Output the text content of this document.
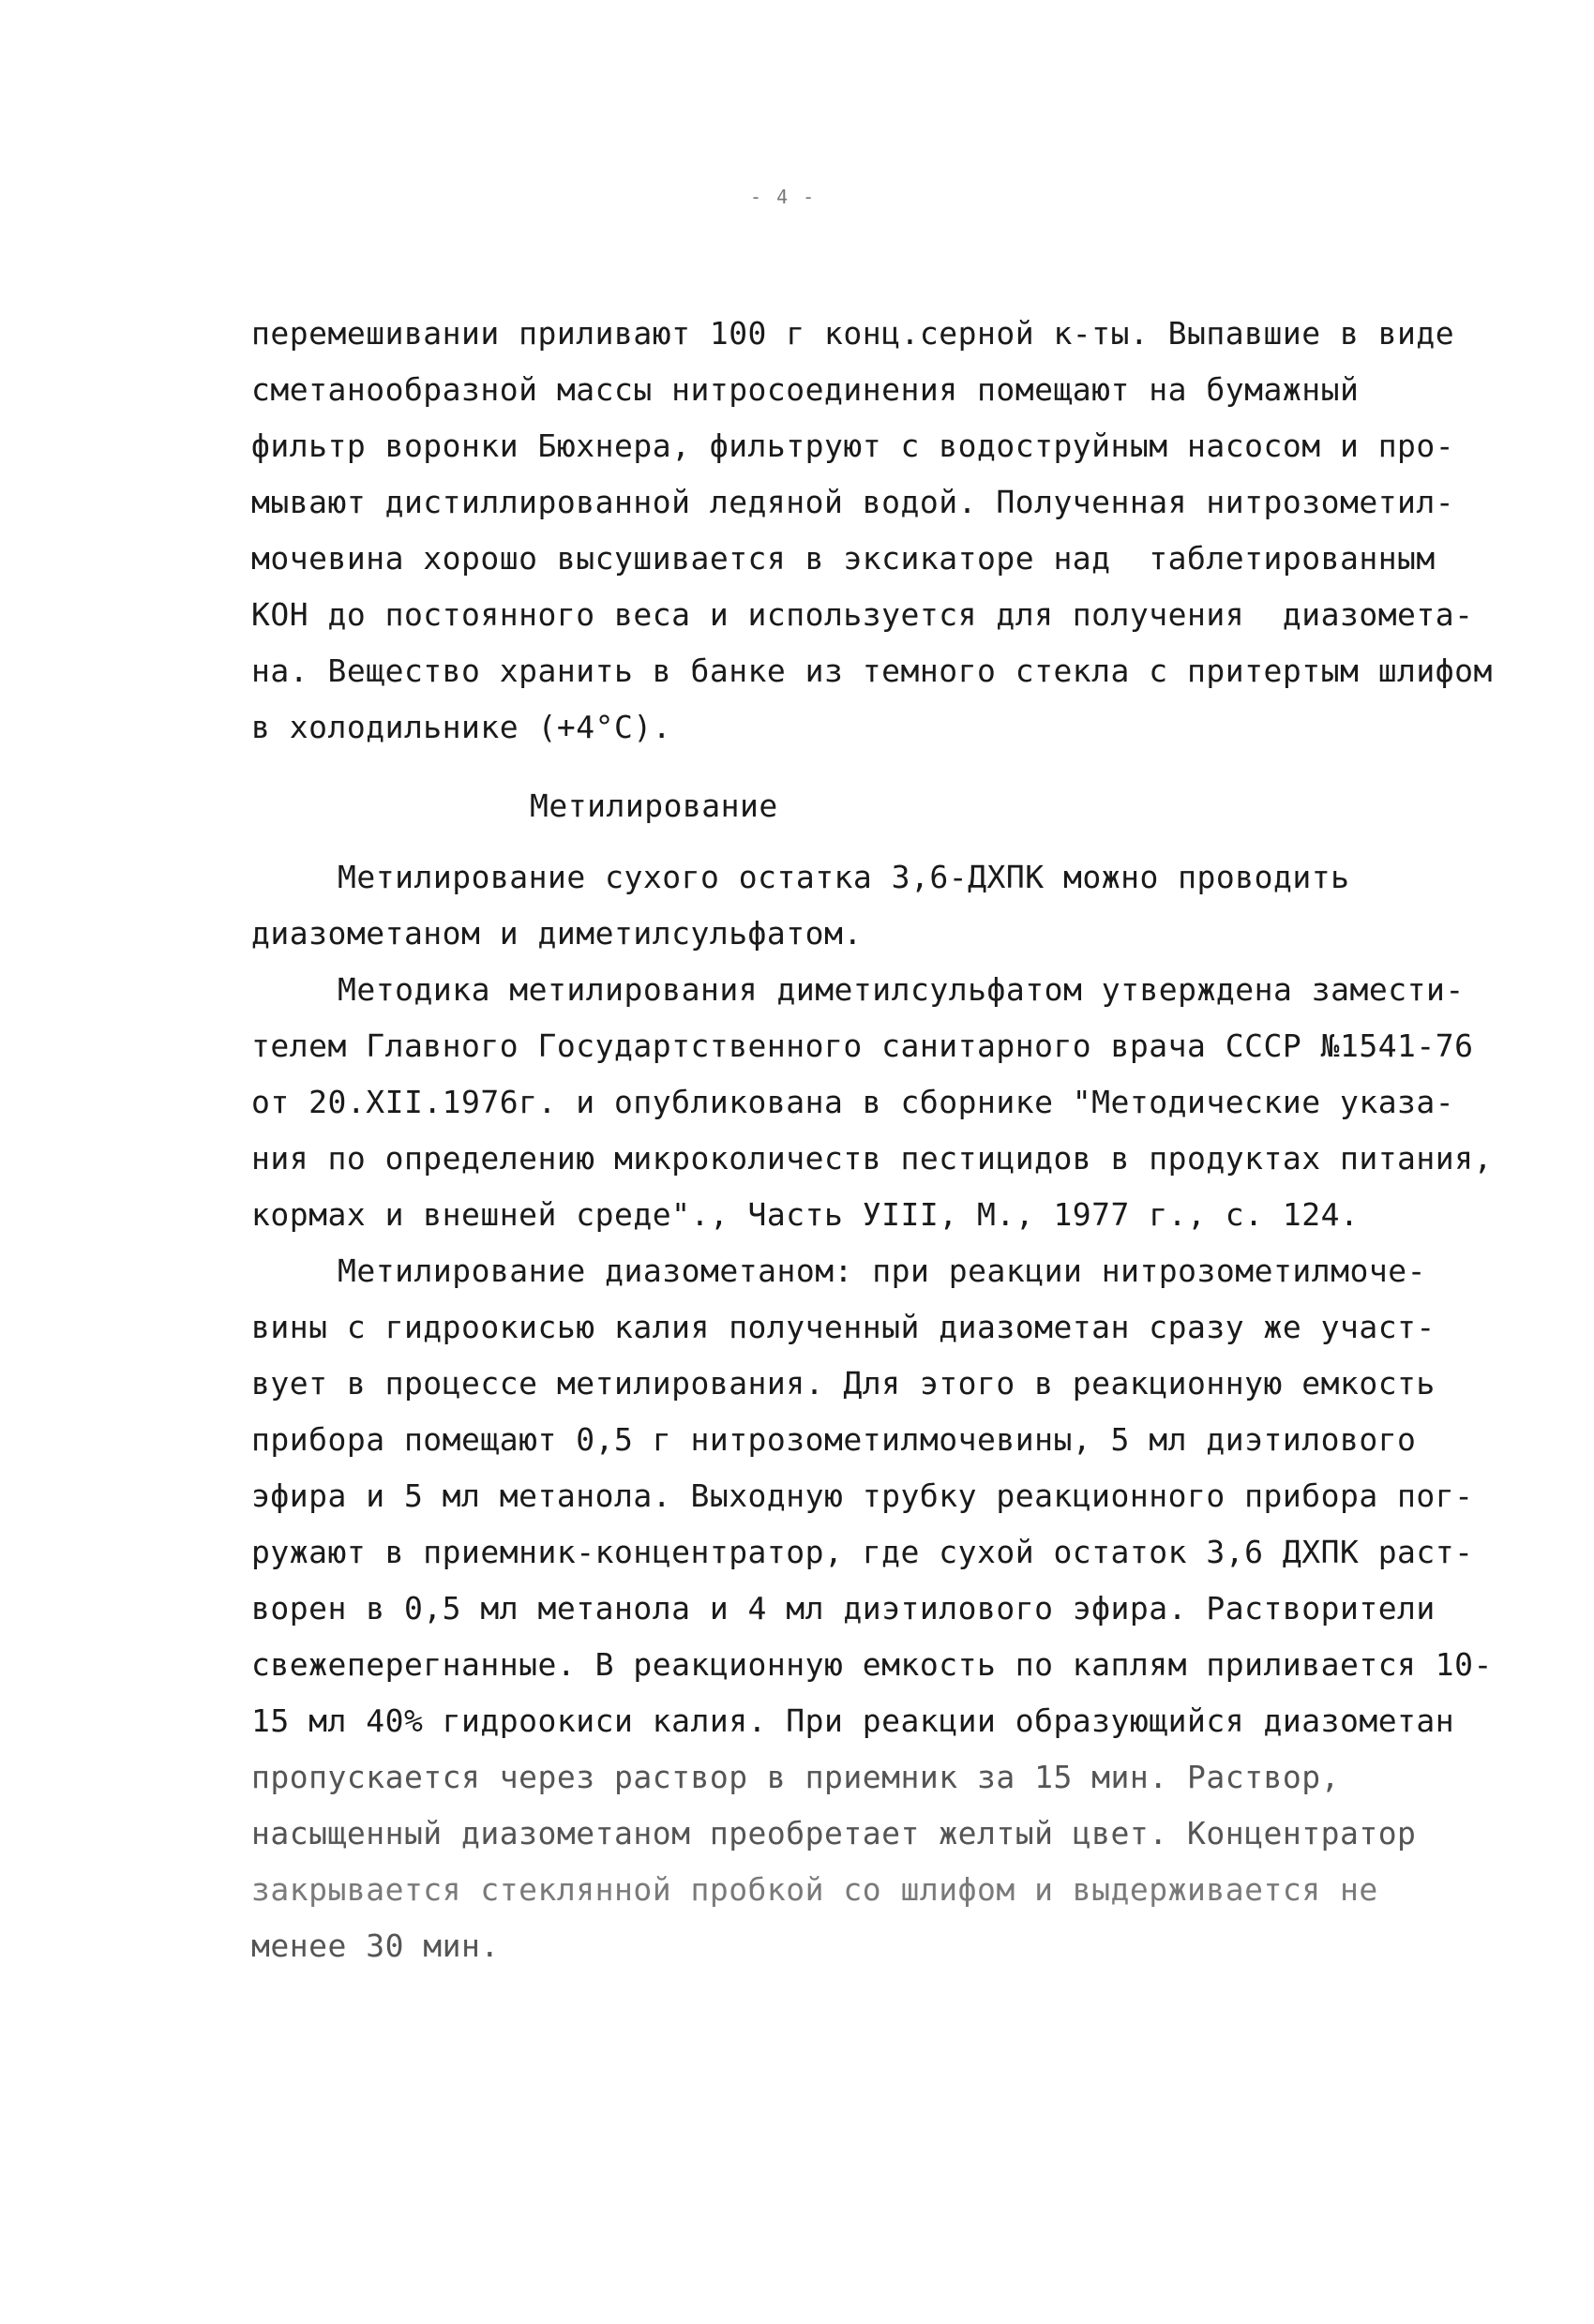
- 4 -
перемешивании приливают 100 г конц.серной к-ты. Выпавшие в виде
сметанообразной массы нитросоединения помещают на бумажный
фильтр воронки Бюхнера, фильтруют с водоструйным насосом и про-
мывают дистиллированной ледяной водой. Полученная нитрозометил-
мочевина хорошо высушивается в эксикаторе над  таблетированным
КОН до постоянного веса и используется для получения  диазомета-
на. Вещество хранить в банке из темного стекла с притертым шлифом
в холодильнике (+4°С).
Метилирование
Метилирование сухого остатка 3,6-ДХПК можно проводить
диазометаном и диметилсульфатом.
Методика метилирования диметилсульфатом утверждена замести-
телем Главного Государтственного санитарного врача СССР №1541-76
от 20.XII.1976г. и опубликована в сборнике "Методические указа-
ния по определению микроколичеств пестицидов в продуктах питания,
кормах и внешней среде"., Часть УIII, М., 1977 г., с. 124.
Метилирование диазометаном: при реакции нитрозометилмоче-
вины с гидроокисью калия полученный диазометан сразу же участ-
вует в процессе метилирования. Для этого в реакционную емкость
прибора помещают 0,5 г нитрозометилмочевины, 5 мл диэтилового
эфира и 5 мл метанола. Выходную трубку реакционного прибора пог-
ружают в приемник-концентратор, где сухой остаток 3,6 ДХПК раст-
ворен в 0,5 мл метанола и 4 мл диэтилового эфира. Растворители
свежеперегнанные. В реакционную емкость по каплям приливается 10-
15 мл 40% гидроокиси калия. При реакции образующийся диазометан
пропускается через раствор в приемник за 15 мин. Раствор,
насыщенный диазометаном преобретает желтый цвет. Концентратор
закрывается стеклянной пробкой со шлифом и выдерживается не
менее 30 мин.
